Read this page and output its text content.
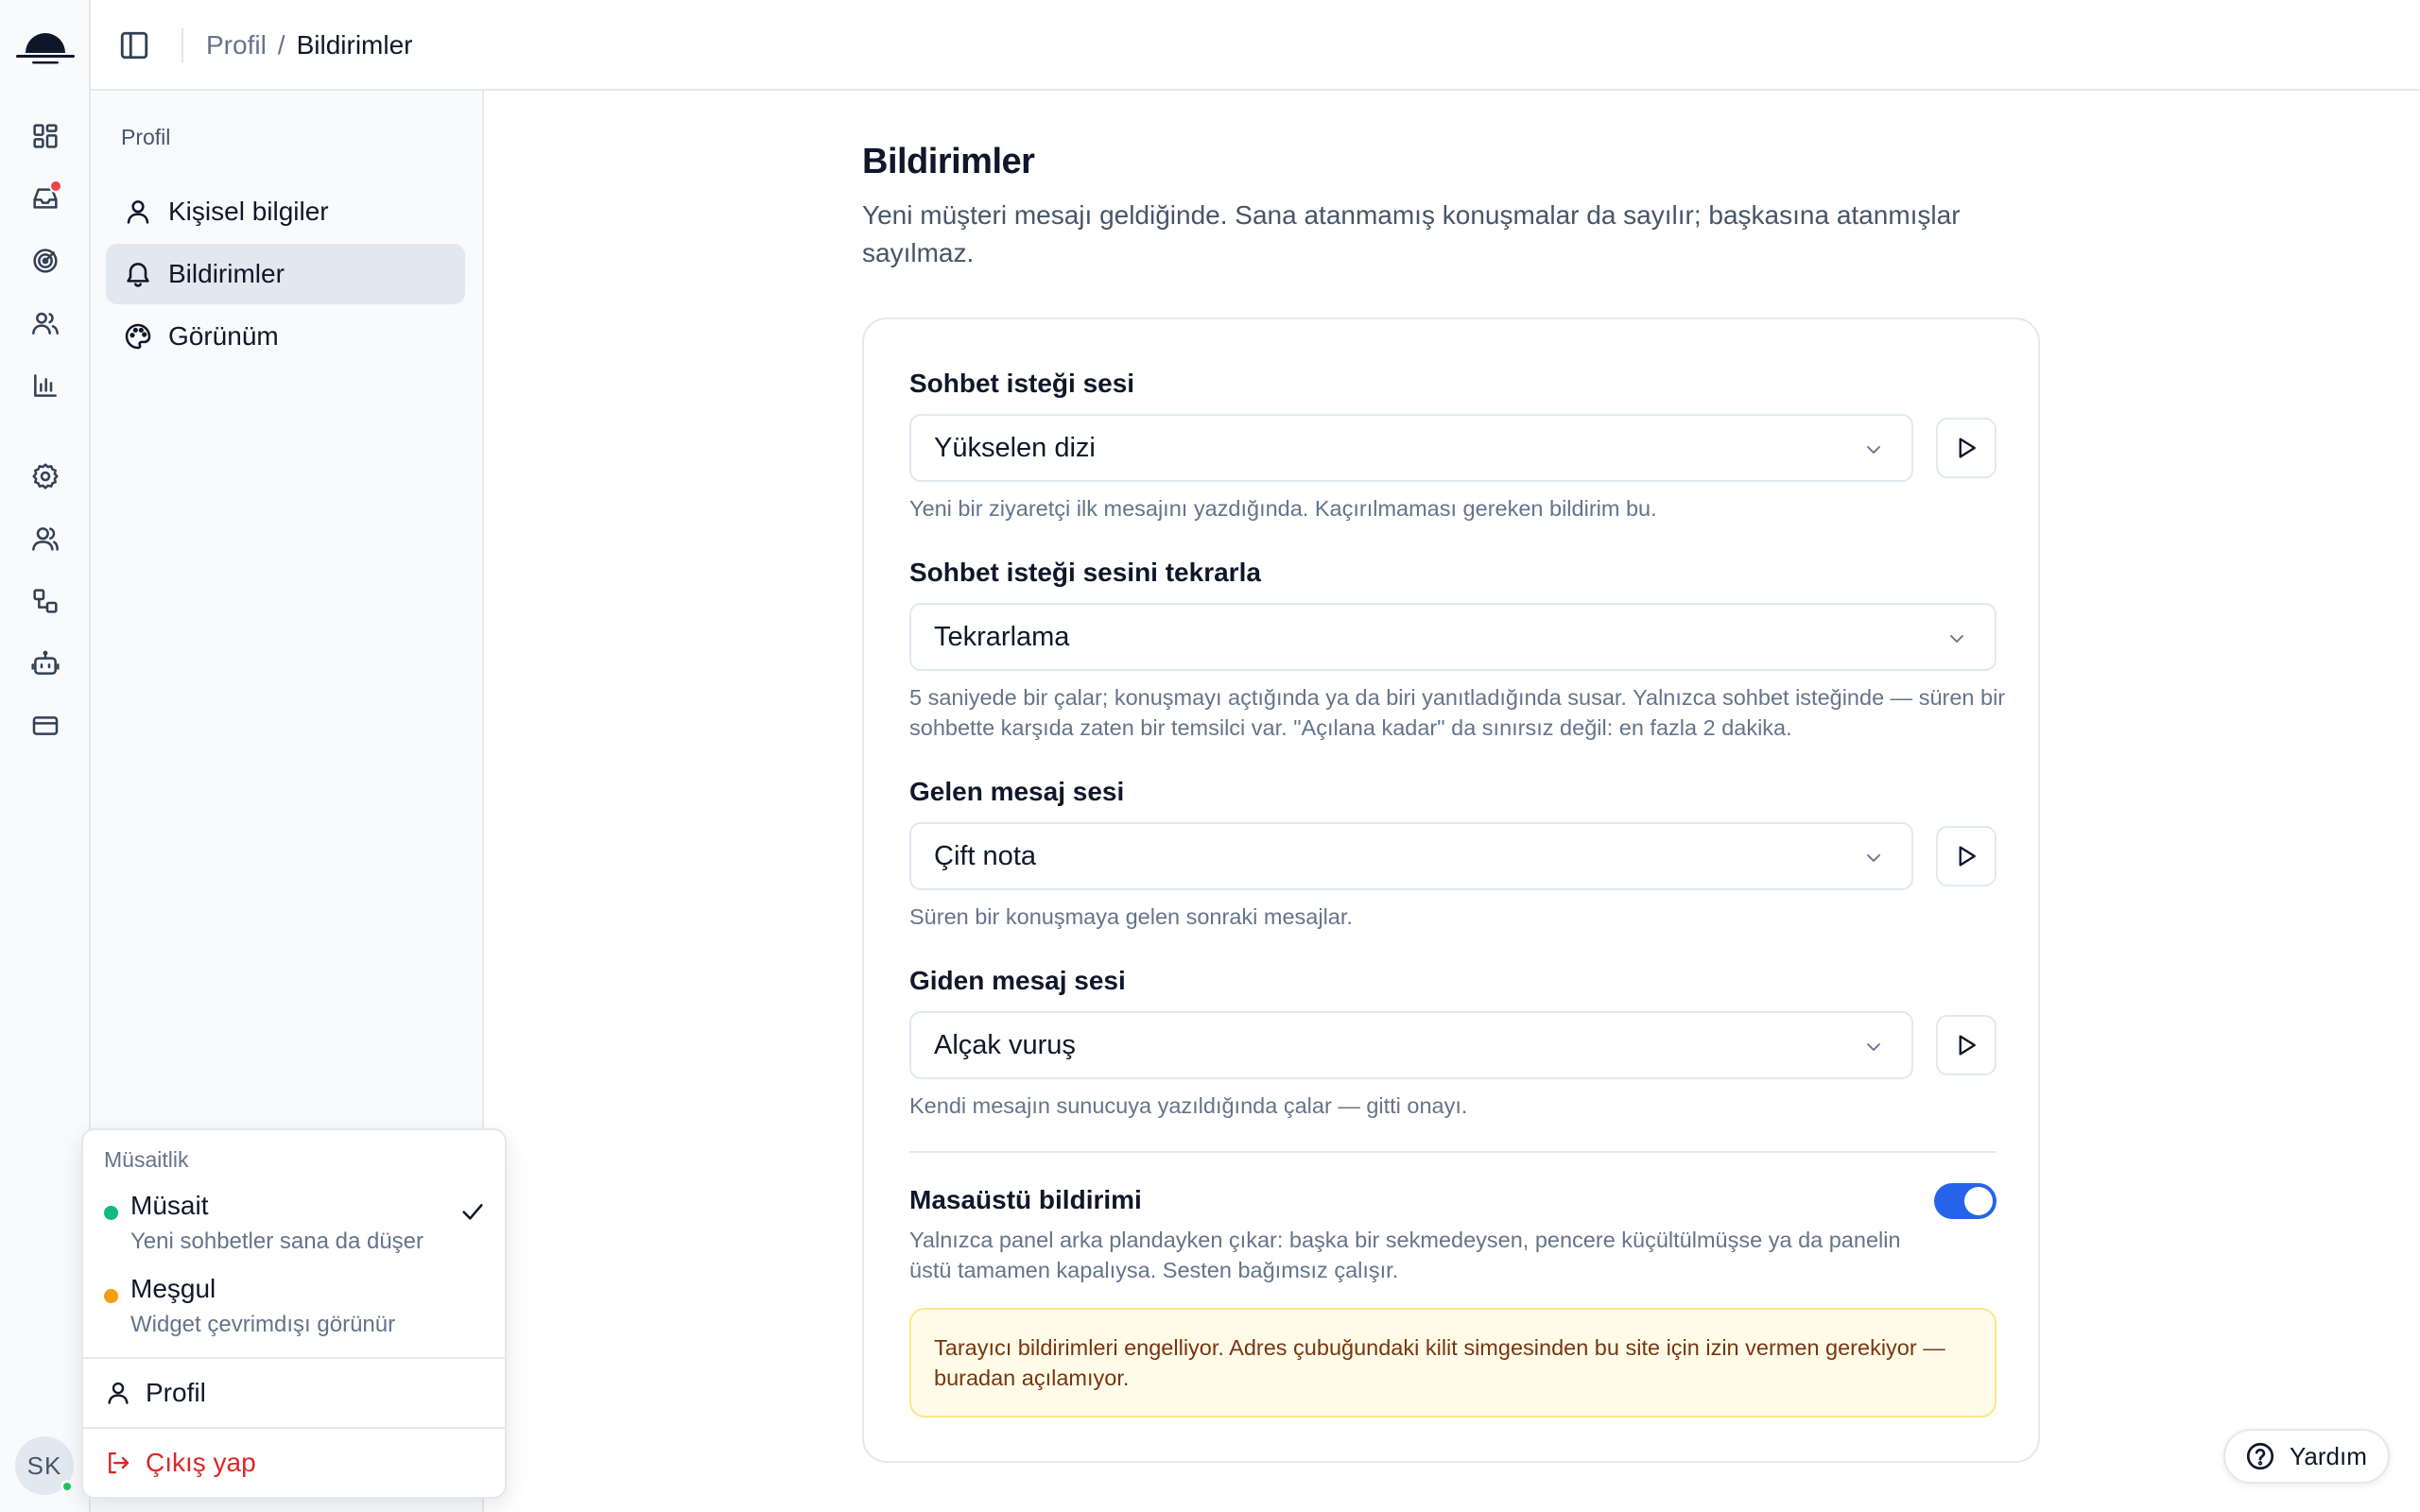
SK
Profil / Bildirimler
Profil
Kişisel bilgiler
Bildirimler
Görünüm
Bildirimler

Yeni müşteri mesajı geldiğinde. Sana atanmamış konuşmalar da sayılır; başkasına atanmışlar sayılmaz.

Sohbet isteği sesi
Yükselen dizi
Yeni bir ziyaretçi ilk mesajını yazdığında. Kaçırılmaması gereken bildirim bu.
Sohbet isteği sesini tekrarla
Tekrarlama
5 saniyede bir çalar; konuşmayı açtığında ya da biri yanıtladığında susar. Yalnızca sohbet isteğinde — süren bir sohbette karşıda zaten bir temsilci var. "Açılana kadar" da sınırsız değil: en fazla 2 dakika.
Gelen mesaj sesi
Çift nota
Süren bir konuşmaya gelen sonraki mesajlar.
Giden mesaj sesi
Alçak vuruş
Kendi mesajın sunucuya yazıldığında çalar — gitti onayı.
Masaüstü bildirimi
Yalnızca panel arka plandayken çıkar: başka bir sekmedeysen, pencere küçültülmüşse ya da panelin üstü tamamen kapalıysa. Sesten bağımsız çalışır.
Tarayıcı bildirimleri engelliyor. Adres çubuğundaki kilit simgesinden bu site için izin vermen gerekiyor — buradan açılamıyor.
Müsaitlik
Müsait
Yeni sohbetler sana da düşer
Meşgul
Widget çevrimdışı görünür
Profil
Çıkış yap	Yardım
